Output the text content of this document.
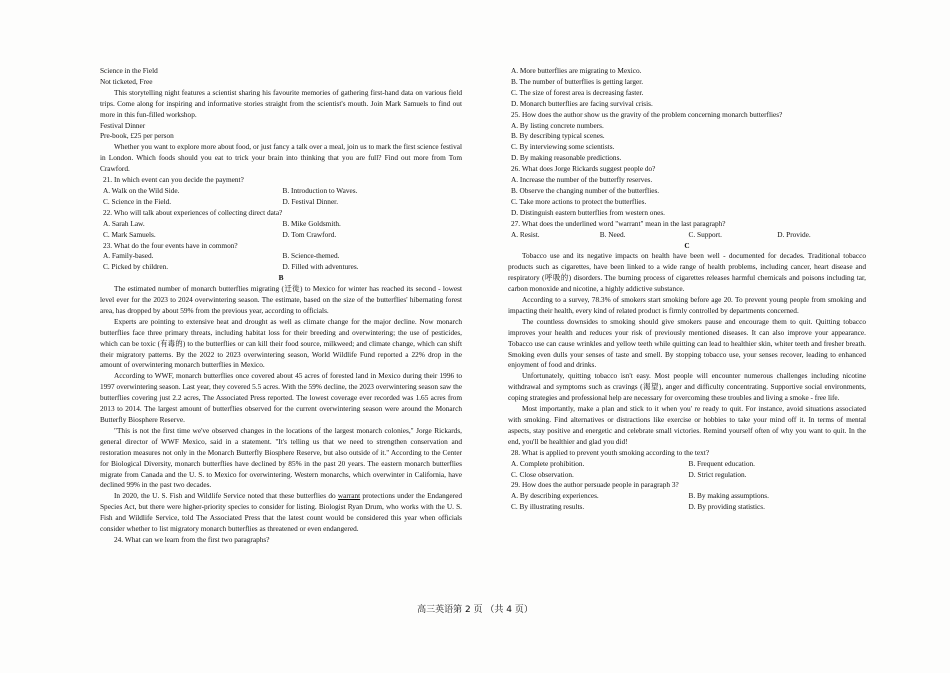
Science in the Field

Not ticketed, Free

This storytelling night features a scientist sharing his favourite memories of gathering first-hand data on various field trips. Come along for inspiring and informative stories straight from the scientist's mouth. Join Mark Samuels to find out more in this fun-filled workshop.

Festival Dinner

Pre-book, £25 per person

Whether you want to explore more about food, or just fancy a talk over a meal, join us to mark the first science festival in London. Which foods should you eat to trick your brain into thinking that you are full? Find out more from Tom Crawford.

21. In which event can you decide the payment?

A. Walk on the Wild Side.	B. Introduction to Waves.
C. Science in the Field.	D. Festival Dinner.

22. Who will talk about experiences of collecting direct data?

A. Sarah Law.	B. Mike Goldsmith.
C. Mark Samuels.	D. Tom Crawford.

23. What do the four events have in common?

A. Family-based.	B. Science-themed.
C. Picked by children.	D. Filled with adventures.

B

The estimated number of monarch butterflies migrating (迁徙) to Mexico for winter has reached its second - lowest level ever for the 2023 to 2024 overwintering season. The estimate, based on the size of the butterflies' hibernating forest area, has dropped by about 59% from the previous year, according to officials.

Experts are pointing to extensive heat and drought as well as climate change for the major decline. Now monarch butterflies face three primary threats, including habitat loss for their breeding and overwintering; the use of pesticides, which can be toxic (有毒的) to the butterflies or can kill their food source, milkweed; and climate change, which can shift their migratory patterns. By the 2022 to 2023 overwintering season, World Wildlife Fund reported a 22% drop in the amount of overwintering monarch butterflies in Mexico.

According to WWF, monarch butterflies once covered about 45 acres of forested land in Mexico during their 1996 to 1997 overwintering season. Last year, they covered 5.5 acres. With the 59% decline, the 2023 overwintering season saw the butterflies covering just 2.2 acres, The Associated Press reported. The lowest coverage ever recorded was 1.65 acres from 2013 to 2014. The largest amount of butterflies observed for the current overwintering season were around the Monarch Butterfly Biosphere Reserve.

"This is not the first time we've observed changes in the locations of the largest monarch colonies," Jorge Rickards, general director of WWF Mexico, said in a statement. "It's telling us that we need to strengthen conservation and restoration measures not only in the Monarch Butterfly Biosphere Reserve, but also outside of it." According to the Center for Biological Diversity, monarch butterflies have declined by 85% in the past 20 years. The eastern monarch butterflies migrate from Canada and the U. S. to Mexico for overwintering. Western monarchs, which overwinter in California, have declined 99% in the past two decades.

In 2020, the U. S. Fish and Wildlife Service noted that these butterflies do warrant protections under the Endangered Species Act, but there were higher-priority species to consider for listing. Biologist Ryan Drum, who works with the U. S. Fish and Wildlife Service, told The Associated Press that the latest count would be considered this year when officials consider whether to list migratory monarch butterflies as threatened or even endangered.

24. What can we learn from the first two paragraphs?

A. More butterflies are migrating to Mexico.

B. The number of butterflies is getting larger.

C. The size of forest area is decreasing faster.

D. Monarch butterflies are facing survival crisis.

25. How does the author show us the gravity of the problem concerning monarch butterflies?

A. By listing concrete numbers.

B. By describing typical scenes.

C. By interviewing some scientists.

D. By making reasonable predictions.

26. What does Jorge Rickards suggest people do?

A. Increase the number of the butterfly reserves.

B. Observe the changing number of the butterflies.

C. Take more actions to protect the butterflies.

D. Distinguish eastern butterflies from western ones.

27. What does the underlined word "warrant" mean in the last paragraph?

A. Resist.	B. Need.	C. Support.	D. Provide.

C

Tobacco use and its negative impacts on health have been well - documented for decades. Traditional tobacco products such as cigarettes, have been linked to a wide range of health problems, including cancer, heart disease and respiratory (呼吸的) disorders. The burning process of cigarettes releases harmful chemicals and poisons including tar, carbon monoxide and nicotine, a highly addictive substance.

According to a survey, 78.3% of smokers start smoking before age 20. To prevent young people from smoking and impacting their health, every kind of related product is firmly controlled by departments concerned.

The countless downsides to smoking should give smokers pause and encourage them to quit. Quitting tobacco improves your health and reduces your risk of previously mentioned diseases. It can also improve your appearance. Tobacco use can cause wrinkles and yellow teeth while quitting can lead to healthier skin, whiter teeth and fresher breath. Smoking even dulls your senses of taste and smell. By stopping tobacco use, your senses recover, leading to enhanced enjoyment of food and drinks.

Unfortunately, quitting tobacco isn't easy. Most people will encounter numerous challenges including nicotine withdrawal and symptoms such as cravings (渴望), anger and difficulty concentrating. Supportive social environments, coping strategies and professional help are necessary for overcoming these troubles and living a smoke - free life.

Most importantly, make a plan and stick to it when you' re ready to quit. For instance, avoid situations associated with smoking. Find alternatives or distractions like exercise or hobbies to take your mind off it. In terms of mental aspects, stay positive and energetic and celebrate small victories. Remind yourself often of why you want to quit. In the end, you'll be healthier and glad you did!

28. What is applied to prevent youth smoking according to the text?

A. Complete prohibition.	B. Frequent education.
C. Close observation.	D. Strict regulation.

29. How does the author persuade people in paragraph 3?

A. By describing experiences.	B. By making assumptions.
C. By illustrating results.	D. By providing statistics.
高三英语第 2 页 （共 4 页）
